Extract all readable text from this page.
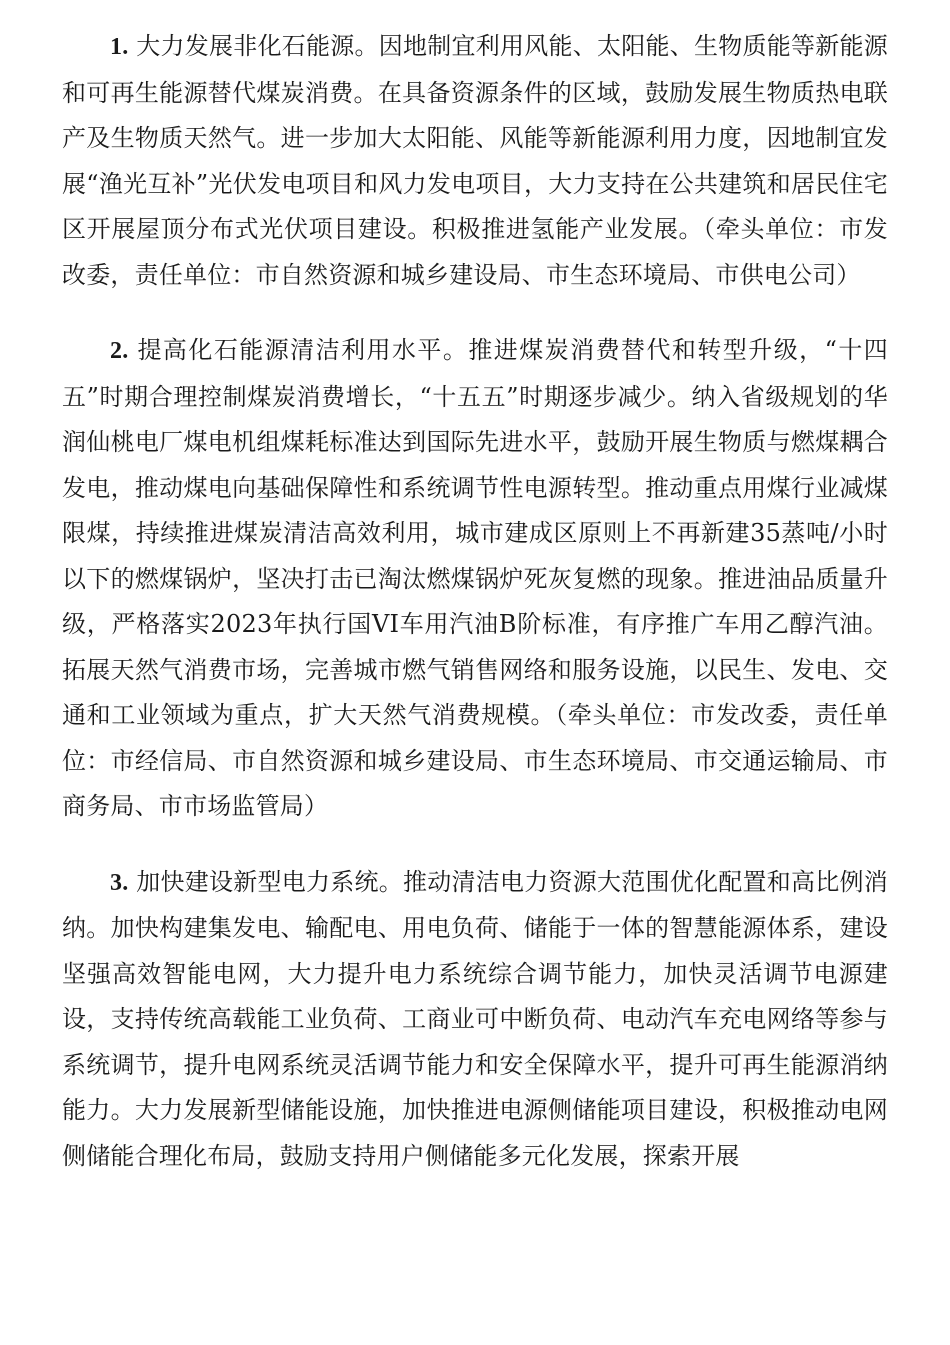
1. 大力发展非化石能源。因地制宜利用风能、太阳能、生物质能等新能源和可再生能源替代煤炭消费。在具备资源条件的区域，鼓励发展生物质热电联产及生物质天然气。进一步加大太阳能、风能等新能源利用力度，因地制宜发展“渔光互补”光伏发电项目和风力发电项目，大力支持在公共建筑和居民住宅区开展屋顶分布式光伏项目建设。积极推进氢能产业发展。（牵头单位：市发改委，责任单位：市自然资源和城乡建设局、市生态环境局、市供电公司）

2. 提高化石能源清洁利用水平。推进煤炭消费替代和转型升级，“十四五”时期合理控制煤炭消费增长，“十五五”时期逐步减少。纳入省级规划的华润仙桃电厂煤电机组煤耗标准达到国际先进水平，鼓励开展生物质与燃煤耦合发电，推动煤电向基础保障性和系统调节性电源转型。推动重点用煤行业减煤限煤，持续推进煤炭清洁高效利用，城市建成区原则上不再新建35蒸吨/小时以下的燃煤锅炉，坚决打击已淘汰燃煤锅炉死灰复燃的现象。推进油品质量升级，严格落实2023年执行国VI车用汽油B阶标准，有序推广车用乙醇汽油。拓展天然气消费市场，完善城市燃气销售网络和服务设施，以民生、发电、交通和工业领域为重点，扩大天然气消费规模。（牵头单位：市发改委，责任单位：市经信局、市自然资源和城乡建设局、市生态环境局、市交通运输局、市商务局、市市场监管局）

3. 加快建设新型电力系统。推动清洁电力资源大范围优化配置和高比例消纳。加快构建集发电、输配电、用电负荷、储能于一体的智慧能源体系，建设坚强高效智能电网，大力提升电力系统综合调节能力，加快灵活调节电源建设，支持传统高载能工业负荷、工商业可中断负荷、电动汽车充电网络等参与系统调节，提升电网系统灵活调节能力和安全保障水平，提升可再生能源消纳能力。大力发展新型储能设施，加快推进电源侧储能项目建设，积极推动电网侧储能合理化布局，鼓励支持用户侧储能多元化发展，探索开展
